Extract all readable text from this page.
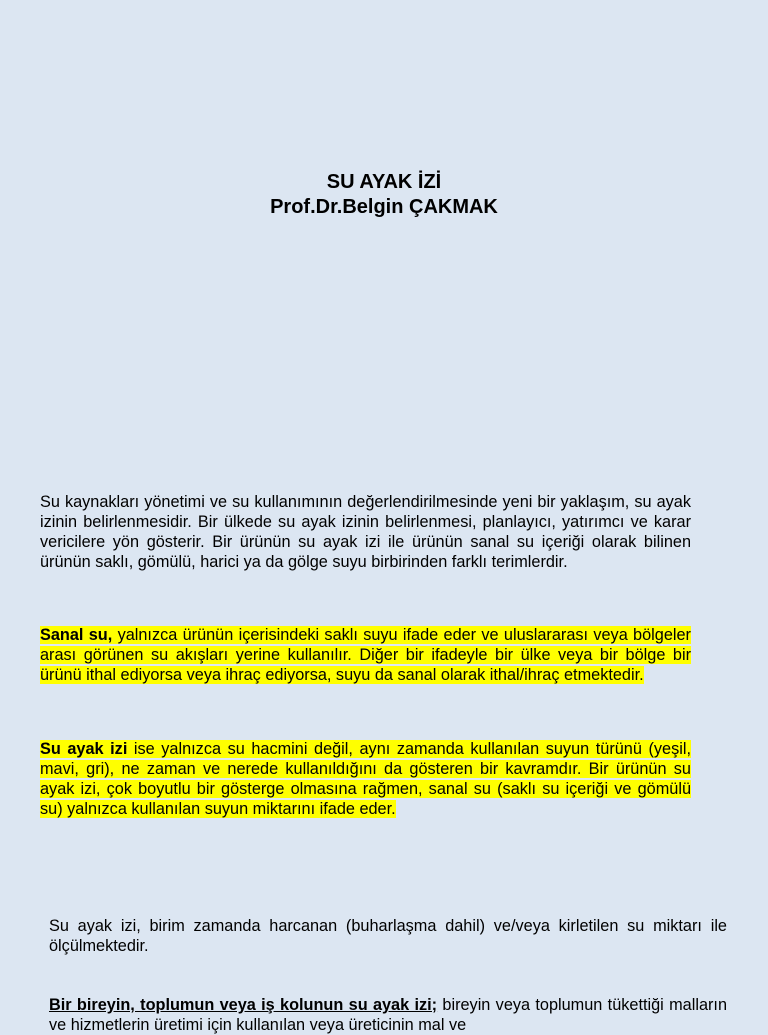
SU AYAK İZİ
Prof.Dr.Belgin ÇAKMAK
Su kaynakları yönetimi ve su kullanımının değerlendirilmesinde yeni bir yaklaşım, su ayak izinin belirlenmesidir. Bir ülkede su ayak izinin belirlenmesi, planlayıcı, yatırımcı ve karar vericilere yön gösterir. Bir ürünün su ayak izi ile ürünün sanal su içeriği olarak bilinen ürünün saklı, gömülü, harici ya da gölge suyu birbirinden farklı terimlerdir.
Sanal su, yalnızca ürünün içerisindeki saklı suyu ifade eder ve uluslararası veya bölgeler arası görünen su akışları yerine kullanılır. Diğer bir ifadeyle bir ülke veya bir bölge bir ürünü ithal ediyorsa veya ihraç ediyorsa, suyu da sanal olarak ithal/ihraç etmektedir.
Su ayak izi ise yalnızca su hacmini değil, aynı zamanda kullanılan suyun türünü (yeşil, mavi, gri), ne zaman ve nerede kullanıldığını da gösteren bir kavramdır. Bir ürünün su ayak izi, çok boyutlu bir gösterge olmasına rağmen, sanal su (saklı su içeriği ve gömülü su) yalnızca kullanılan suyun miktarını ifade eder.
Su ayak izi, birim zamanda harcanan (buharlaşma dahil) ve/veya kirletilen su miktarı ile ölçülmektedir.
Bir bireyin, toplumun veya iş kolunun su ayak izi; bireyin veya toplumun tükettiği malların ve hizmetlerin üretimi için kullanılan veya üreticinin mal ve
